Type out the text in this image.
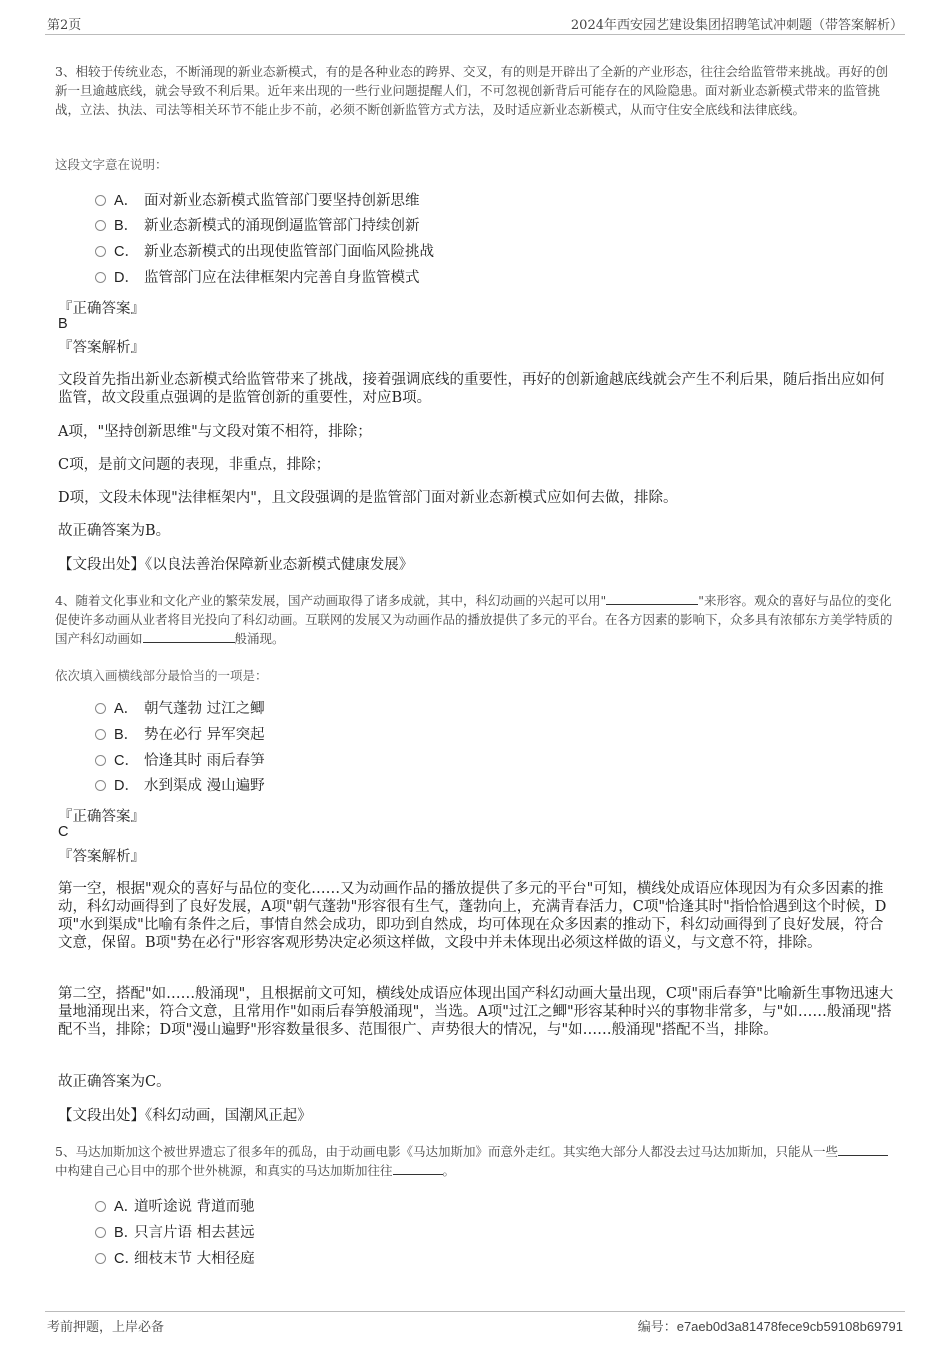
第2页	2024年西安园艺建设集团招聘笔试冲刺题（带答案解析）
3、相较于传统业态，不断涌现的新业态新模式，有的是各种业态的跨界、交叉，有的则是开辟出了全新的产业形态，往往会给监管带来挑战。再好的创新一旦逾越底线，就会导致不利后果。近年来出现的一些行业问题提醒人们，不可忽视创新背后可能存在的风险隐患。面对新业态新模式带来的监管挑战，立法、执法、司法等相关环节不能止步不前，必须不断创新监管方式方法，及时适应新业态新模式，从而守住安全底线和法律底线。
这段文字意在说明：
A． 面对新业态新模式监管部门要坚持创新思维
B． 新业态新模式的涌现倒逼监管部门持续创新
C． 新业态新模式的出现使监管部门面临风险挑战
D． 监管部门应在法律框架内完善自身监管模式
『正确答案』
B
『答案解析』
文段首先指出新业态新模式给监管带来了挑战，接着强调底线的重要性，再好的创新逾越底线就会产生不利后果，随后指出应如何监管，故文段重点强调的是监管创新的重要性，对应B项。
A项，"坚持创新思维"与文段对策不相符，排除；
C项，是前文问题的表现，非重点，排除；
D项，文段未体现"法律框架内"，且文段强调的是监管部门面对新业态新模式应如何去做，排除。
故正确答案为B。
【文段出处】《以良法善治保障新业态新模式健康发展》
4、随着文化事业和文化产业的繁荣发展，国产动画取得了诸多成就，其中，科幻动画的兴起可以用"	"来形容。观众的喜好与品位的变化促使许多动画从业者将目光投向了科幻动画。互联网的发展又为动画作品的播放提供了多元的平台。在各方因素的影响下，众多具有浓郁东方美学特质的国产科幻动画如	般涌现。
依次填入画横线部分最恰当的一项是：
A． 朝气蓬勃 过江之鲫
B． 势在必行 异军突起
C． 恰逢其时 雨后春笋
D． 水到渠成 漫山遍野
『正确答案』
C
『答案解析』
第一空，根据"观众的喜好与品位的变化……又为动画作品的播放提供了多元的平台"可知，横线处成语应体现因为有众多因素的推动，科幻动画得到了良好发展，A项"朝气蓬勃"形容很有生气，蓬勃向上，充满青春活力，C项"恰逢其时"指恰恰遇到这个时候，D项"水到渠成"比喻有条件之后，事情自然会成功，即功到自然成，均可体现在众多因素的推动下，科幻动画得到了良好发展，符合文意，保留。B项"势在必行"形容客观形势决定必须这样做，文段中并未体现出必须这样做的语义，与文意不符，排除。
第二空，搭配"如……般涌现"，且根据前文可知，横线处成语应体现出国产科幻动画大量出现，C项"雨后春笋"比喻新生事物迅速大量地涌现出来，符合文意，且常用作"如雨后春笋般涌现"，当选。A项"过江之鲫"形容某种时兴的事物非常多，与"如……般涌现"搭配不当，排除；D项"漫山遍野"形容数量很多、范围很广、声势很大的情况，与"如……般涌现"搭配不当，排除。
故正确答案为C。
【文段出处】《科幻动画，国潮风正起》
5、马达加斯加这个被世界遗忘了很多年的孤岛，由于动画电影《马达加斯加》而意外走红。其实绝大部分人都没去过马达加斯加，只能从一些中构建自己心目中的那个世外桃源，和真实的马达加斯加往往	。
A．道听途说 背道而驰
B．只言片语 相去甚远
C．细枝末节 大相径庭
考前押题，上岸必备	编号：e7aeb0d3a81478fece9cb59108b69791
